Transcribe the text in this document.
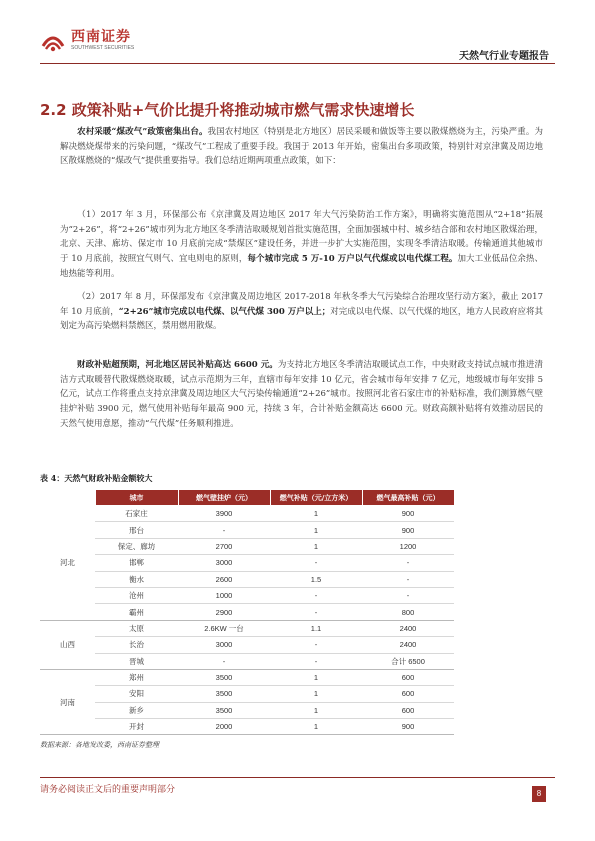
西南证券
SOUTHWEST SECURITIES
天然气行业专题报告
2.2 政策补贴+气价比提升将推动城市燃气需求快速增长
  农村采暖“煤改气”政策密集出台。我国农村地区（特别是北方地区）居民采暖和做饭等主要以散煤燃烧为主，污染严重。为解决燃烧煤带来的污染问题，“煤改气”工程成了重要手段。我国于 2013 年开始，密集出台多项政策，特别针对京津冀及周边地区散煤燃烧的“煤改气”提供重要指导。我们总结近期两项重点政策，如下：
  （1）2017 年 3 月，环保部公布《京津冀及周边地区 2017 年大气污染防治工作方案》，明确将实施范围从“2+18”拓展为“2+26”，将“2+26”城市列为北方地区冬季清洁取暖规划首批实施范围，全面加强城中村、城乡结合部和农村地区散煤治理，北京、天津、廊坊、保定市 10 月底前完成“禁煤区”建设任务，并进一步扩大实施范围，实现冬季清洁取暖。传输通道其他城市于 10 月底前，按照宜气则气、宜电则电的原则，每个城市完成 5 万-10 万户以气代煤或以电代煤工程。加大工业低品位余热、地热能等利用。
  （2）2017 年 8 月，环保部发布《京津冀及周边地区 2017-2018 年秋冬季大气污染综合治理攻坚行动方案》，截止 2017 年 10 月底前，“2+26”城市完成以电代煤、以气代煤 300 万户以上；对完成以电代煤、以气代煤的地区，地方人民政府应将其划定为高污染燃料禁燃区，禁用燃用散煤。
  财政补贴超预期，河北地区居民补贴高达 6600 元。为支持北方地区冬季清洁取暖试点工作，中央财政支持试点城市推进清洁方式取暖替代散煤燃烧取暖，试点示范期为三年，直辖市每年安排 10 亿元，省会城市每年安排 7 亿元，地级城市每年安排 5 亿元，试点工作将重点支持京津冀及周边地区大气污染传输通道“2+26”城市。按照河北省石家庄市的补贴标准，我们测算燃气壁挂炉补贴 3900 元，燃气使用补贴每年最高 900 元，持续 3 年，合计补贴金额高达 6600 元。财政高额补贴将有效推动居民的天然气使用意愿，推动“气代煤”任务顺利推进。
表 4：天然气财政补贴金额较大
	城市	燃气壁挂炉（元）	燃气补贴（元/立方米）	燃气最高补贴（元）	
河北	石家庄	3900	1	900	
	邢台	-	1	900	
	保定、廊坊	2700	1	1200	
	邯郸	3000	-	-	
	衡水	2600	1.5	-	
	沧州	1000	-	-	
	霸州	2900	-	800	
山西	太原	2.6KW 一台	1.1	2400	
	长治	3000	-	2400	
	晋城	-	-	合计 6500	
河南	郑州	3500	1	600	
	安阳	3500	1	600	
	新乡	3500	1	600	
	开封	2000	1	900	
数据来源：各地发改委，西南证券整理
请务必阅读正文后的重要声明部分	8
